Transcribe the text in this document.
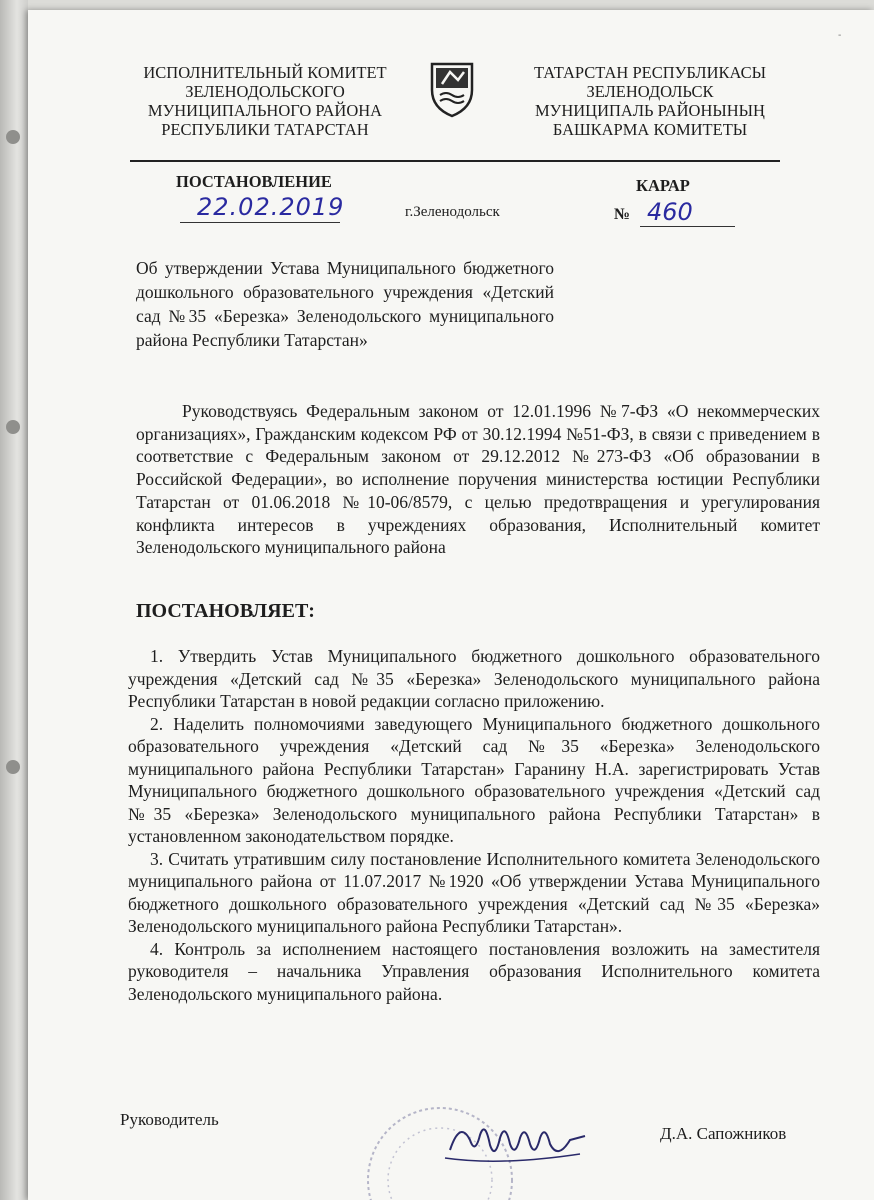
-
ИСПОЛНИТЕЛЬНЫЙ КОМИТЕТ
ЗЕЛЕНОДОЛЬСКОГО
МУНИЦИПАЛЬНОГО РАЙОНА
РЕСПУБЛИКИ ТАТАРСТАН
ТАТАРСТАН РЕСПУБЛИКАСЫ
ЗЕЛЕНОДОЛЬСК
МУНИЦИПАЛЬ РАЙОНЫНЫҢ
БАШКАРМА КОМИТЕТЫ
ПОСТАНОВЛЕНИЕ	КАРАР
22.02.2019	г.Зеленодольск	№ 460
Об утверждении Устава Муниципального бюджетного дошкольного образовательного учреждения «Детский сад №35 «Березка» Зеленодольского муниципального района Республики Татарстан»
Руководствуясь Федеральным законом от 12.01.1996 №7-ФЗ «О некоммерческих организациях», Гражданским кодексом РФ от 30.12.1994 №51-ФЗ, в связи с приведением в соответствие с Федеральным законом от 29.12.2012 №273-ФЗ «Об образовании в Российской Федерации», во исполнение поручения министерства юстиции Республики Татарстан от 01.06.2018 №10-06/8579, с целью предотвращения и урегулирования конфликта интересов в учреждениях образования, Исполнительный комитет Зеленодольского муниципального района
ПОСТАНОВЛЯЕТ:

1. Утвердить Устав Муниципального бюджетного дошкольного образовательного учреждения «Детский сад №35 «Березка» Зеленодольского муниципального района Республики Татарстан в новой редакции согласно приложению.

2. Наделить полномочиями заведующего Муниципального бюджетного дошкольного образовательного учреждения «Детский сад №35 «Березка» Зеленодольского муниципального района Республики Татарстан» Гаранину Н.А. зарегистрировать Устав Муниципального бюджетного дошкольного образовательного учреждения «Детский сад №35 «Березка» Зеленодольского муниципального района Республики Татарстан» в установленном законодательством порядке.

3. Считать утратившим силу постановление Исполнительного комитета Зеленодольского муниципального района от 11.07.2017 №1920 «Об утверждении Устава Муниципального бюджетного дошкольного образовательного учреждения «Детский сад №35 «Березка» Зеленодольского муниципального района Республики Татарстан».

4. Контроль за исполнением настоящего постановления возложить на заместителя руководителя – начальника Управления образования Исполнительного комитета Зеленодольского муниципального района.

Руководитель
Д.А. Сапожников
